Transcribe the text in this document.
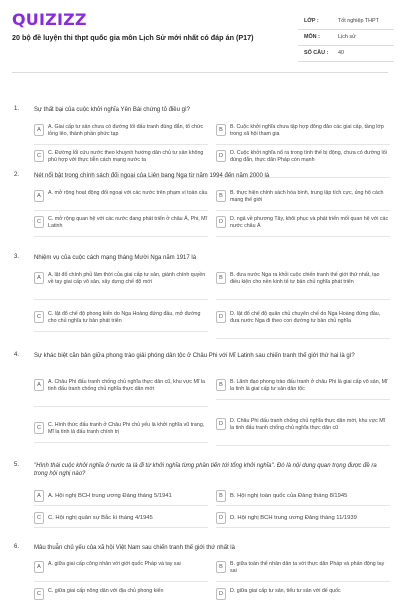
QUIZIZZ
20 bộ đề luyện thi thpt quốc gia môn Lịch Sử mới nhất có đáp án (P17)
LỚP :	Tốt nghiệp THPT
MÔN :	Lịch sử
SỐ CÂU : 40
1. Sự thất bại của cuộc khởi nghĩa Yên Bái chứng tỏ điều gì?
A	A. Giai cấp tư sản chưa có đường lối đấu tranh đúng đắn, tổ chức lỏng lẻo, thành phần phức tạp
B	B. Cuộc khởi nghĩa chưa tập hợp đông đảo các giai cấp, tầng lớp trong xã hội tham gia
C	C. Đường lối cứu nước theo khuynh hướng dân chủ tư sản không phù hợp với thực tiễn cách mạng nước ta
D	D. Cuộc khởi nghĩa nổ ra trong tình thế bị động, chưa có đường lối đúng đắn, thực dân Pháp còn mạnh
2. Nét nổi bật trong chính sách đối ngoại của Liên bang Nga từ năm 1994 đến năm 2000 là
A	A. mở rộng hoạt động đối ngoại với các nước trên phạm vi toàn cầu	B	B. thực hiện chính sách hòa bình, trung lập tích cực, ủng hộ cách mạng thế giới
C	C. mở rộng quan hệ với các nước đang phát triển ở châu Á, Phi, Mĩ Latinh
D	D. ngả về phương Tây, khôi phục và phát triển mối quan hệ với các nước châu Á
3. Nhiệm vụ của cuộc cách mạng tháng Mười Nga năm 1917 là
A	A. lật đổ chính phủ lâm thời của giai cấp tư sản, giành chính quyền về tay giai cấp vô sản, xây dựng chế độ mới
B	B. đưa nước Nga ra khỏi cuộc chiến tranh thế giới thứ nhất, tạo điều kiện cho nền kinh tế tư bản chủ nghĩa phát triển
C	C. lật đổ chế độ phong kiến do Nga Hoàng đứng đầu, mở đường cho chủ nghĩa tư bản phát triển
D	D. lật đổ chế độ quân chủ chuyên chế do Nga Hoàng đứng đầu, đưa nước Nga đi theo con đường tư bản chủ nghĩa
4. Sự khác biệt căn bản giữa phong trào giải phóng dân tộc ở Châu Phi với Mĩ Latinh sau chiến tranh thế giới thứ hai là gì?
A	A. Châu Phi đấu tranh chống chủ nghĩa thực dân cũ, khu vực Mĩ la tinh đấu tranh chống chủ nghĩa thực dân mới
B	B. Lãnh đạo phong trào đấu tranh ở châu Phi là giai cấp vô sản, Mĩ la tinh là giai cấp tư sản dân tộc
C	C. Hình thức đấu tranh ở Châu Phi chủ yếu là khởi nghĩa vũ trang, Mĩ la tinh là đấu tranh chính trị
D	D. Châu Phi đấu tranh chống chủ nghĩa thực dân mới, khu vực Mĩ la tinh đấu tranh chống chủ nghĩa thực dân cũ
5. "Hình thái cuộc khởi nghĩa ở nước ta là đi từ khởi nghĩa từng phần tiến tới tổng khởi nghĩa". Đó là nội dung quan trọng được đề ra trong hội nghị nào?
A	A. Hội nghị BCH trung ương Đảng tháng 5/1941	B	B. Hội nghị toàn quốc của Đảng tháng 8/1945
C	C. Hội nghị quân sự Bắc kì tháng 4/1945	D	D. Hội nghị BCH trung ương Đảng tháng 11/1939
6. Mâu thuẫn chủ yếu của xã hội Việt Nam sau chiến tranh thế giới thứ nhất là
A	A. giữa giai cấp công nhân với giới quốc Pháp và tay sai	B	B. giữa toàn thể nhân dân ta với thực dân Pháp và phản động tay sai
C	C. giữa giai cấp nông dân với địa chủ phong kiến	D	D. giữa giai cấp tư sản, tiểu tư sản với đế quốc
